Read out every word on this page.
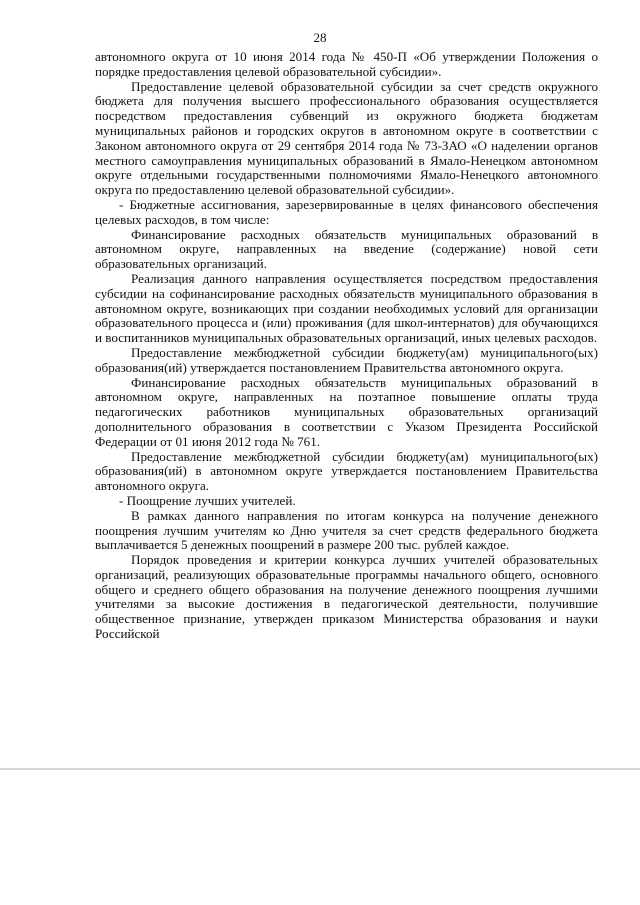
28

автономного округа от 10 июня 2014 года № 450-П «Об утверждении Положения о порядке предоставления целевой образовательной субсидии».

Предоставление целевой образовательной субсидии за счет средств окружного бюджета для получения высшего профессионального образования осуществляется посредством предоставления субвенций из окружного бюджета бюджетам муниципальных районов и городских округов в автономном округе в соответствии с Законом автономного округа от 29 сентября 2014 года № 73-ЗАО «О наделении органов местного самоуправления муниципальных образований в Ямало-Ненецком автономном округе отдельными государственными полномочиями Ямало-Ненецкого автономного округа по предоставлению целевой образовательной субсидии».

- Бюджетные ассигнования, зарезервированные в целях финансового обеспечения целевых расходов, в том числе:

Финансирование расходных обязательств муниципальных образований в автономном округе, направленных на введение (содержание) новой сети образовательных организаций.

Реализация данного направления осуществляется посредством предоставления субсидии на софинансирование расходных обязательств муниципального образования в автономном округе, возникающих при создании необходимых условий для организации образовательного процесса и (или) проживания (для школ-интернатов) для обучающихся и воспитанников муниципальных образовательных организаций, иных целевых расходов.

Предоставление межбюджетной субсидии бюджету(ам) муниципального(ых) образования(ий) утверждается постановлением Правительства автономного округа.

Финансирование расходных обязательств муниципальных образований в автономном округе, направленных на поэтапное повышение оплаты труда педагогических работников муниципальных образовательных организаций дополнительного образования в соответствии с Указом Президента Российской Федерации от 01 июня 2012 года № 761.

Предоставление межбюджетной субсидии бюджету(ам) муниципального(ых) образования(ий) в автономном округе утверждается постановлением Правительства автономного округа.

- Поощрение лучших учителей.

В рамках данного направления по итогам конкурса на получение денежного поощрения лучшим учителям ко Дню учителя за счет средств федерального бюджета выплачивается 5 денежных поощрений в размере 200 тыс. рублей каждое.

Порядок проведения и критерии конкурса лучших учителей образовательных организаций, реализующих образовательные программы начального общего, основного общего и среднего общего образования на получение денежного поощрения лучшими учителями за высокие достижения в педагогической деятельности, получившие общественное признание, утвержден приказом Министерства образования и науки Российской
